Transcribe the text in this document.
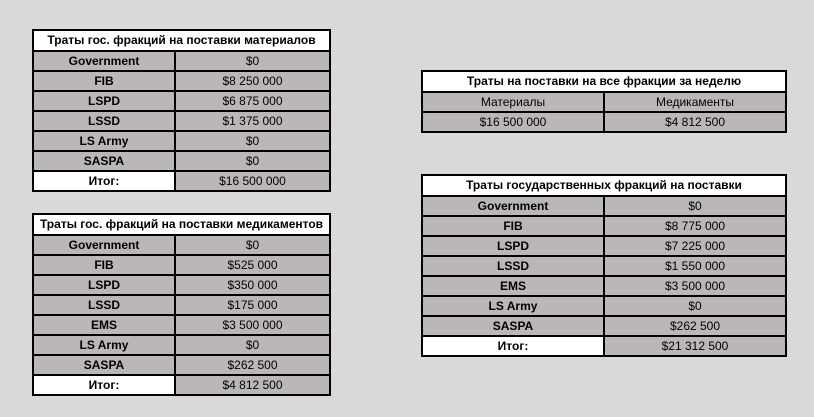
Траты гос. фракций на поставки материалов
Government	$0
FIB	$8 250 000
LSPD	$6 875 000
LSSD	$1 375 000
LS Army	$0
SASPA	$0
Итог:	$16 500 000
Траты гос. фракций на поставки медикаментов
Government	$0
FIB	$525 000
LSPD	$350 000
LSSD	$175 000
EMS	$3 500 000
LS Army	$0
SASPA	$262 500
Итог:	$4 812 500
Траты на поставки на все фракции за неделю
Материалы	Медикаменты
$16 500 000	$4 812 500
Траты государственных фракций на поставки
Government	$0
FIB	$8 775 000
LSPD	$7 225 000
LSSD	$1 550 000
EMS	$3 500 000
LS Army	$0
SASPA	$262 500
Итог:	$21 312 500
